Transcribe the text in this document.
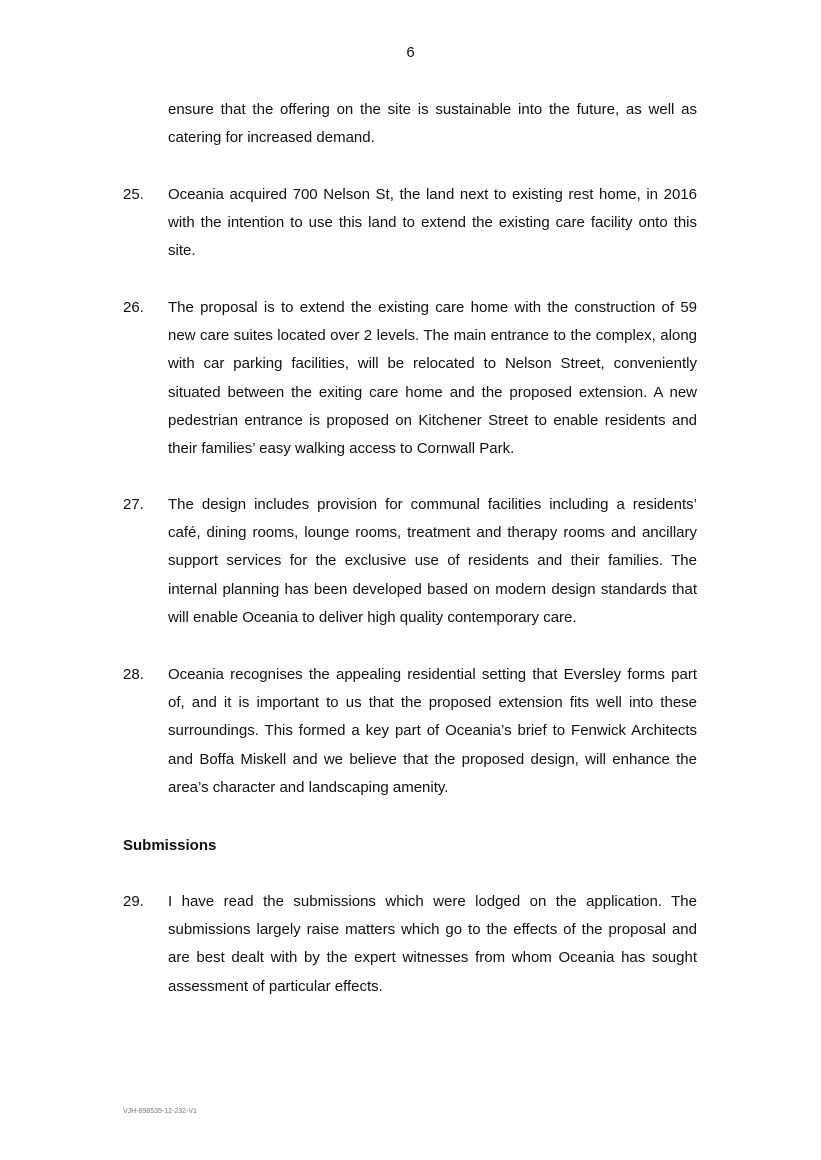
6
ensure that the offering on the site is sustainable into the future, as well as catering for increased demand.
25.	Oceania acquired 700 Nelson St, the land next to existing rest home, in 2016 with the intention to use this land to extend the existing care facility onto this site.
26.	The proposal is to extend the existing care home with the construction of 59 new care suites located over 2 levels. The main entrance to the complex, along with car parking facilities, will be relocated to Nelson Street, conveniently situated between the exiting care home and the proposed extension. A new pedestrian entrance is proposed on Kitchener Street to enable residents and their families’ easy walking access to Cornwall Park.
27.	The design includes provision for communal facilities including a residents’ café, dining rooms, lounge rooms, treatment and therapy rooms and ancillary support services for the exclusive use of residents and their families. The internal planning has been developed based on modern design standards that will enable Oceania to deliver high quality contemporary care.
28.	Oceania recognises the appealing residential setting that Eversley forms part of, and it is important to us that the proposed extension fits well into these surroundings. This formed a key part of Oceania’s brief to Fenwick Architects and Boffa Miskell and we believe that the proposed design, will enhance the area’s character and landscaping amenity.
Submissions
29.	I have read the submissions which were lodged on the application. The submissions largely raise matters which go to the effects of the proposal and are best dealt with by the expert witnesses from whom Oceania has sought assessment of particular effects.
VJH-898535-12-232-V1
